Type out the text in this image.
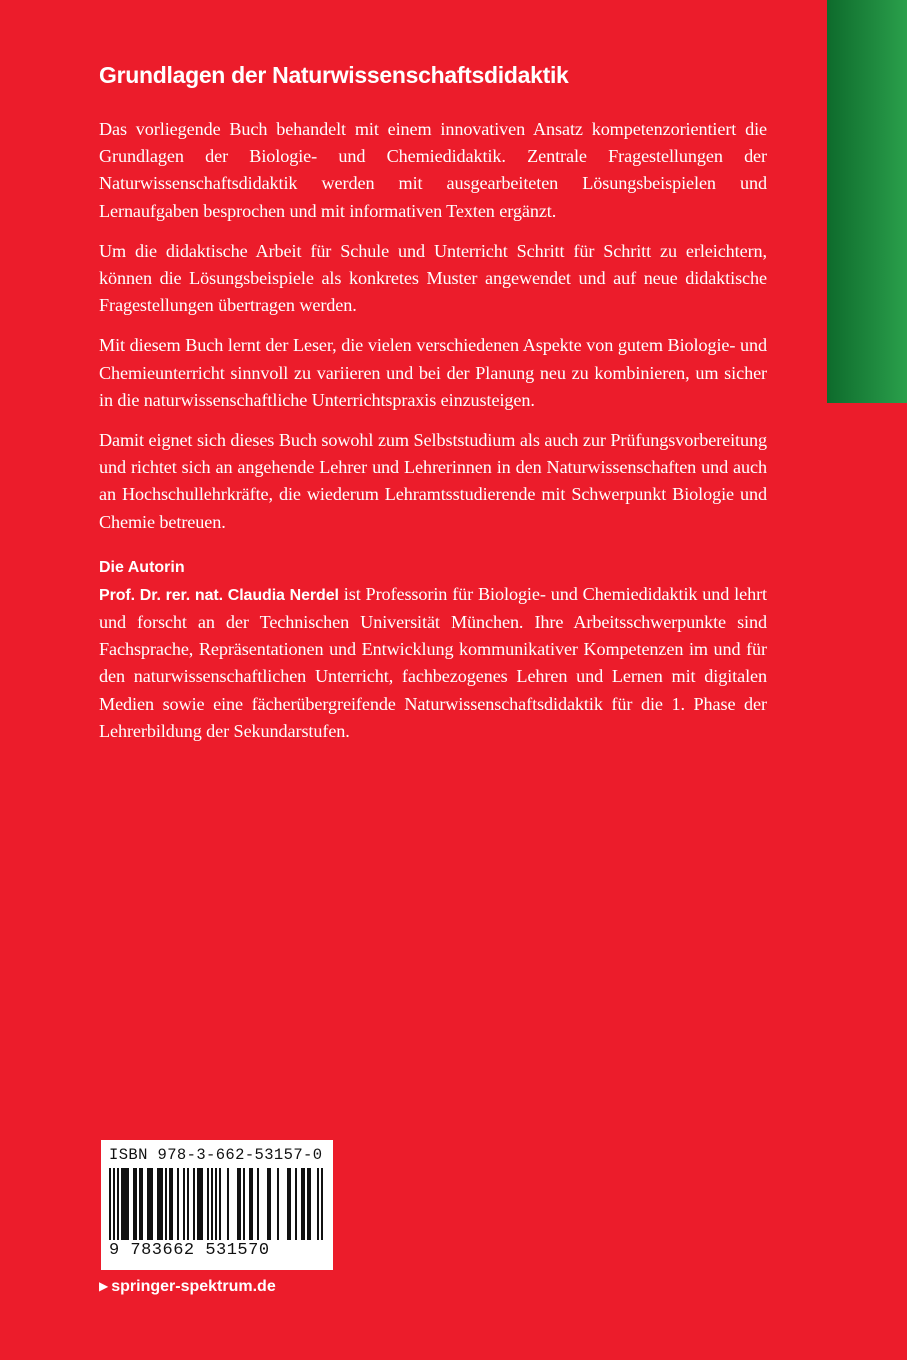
Grundlagen der Naturwissenschaftsdidaktik

Das vorliegende Buch behandelt mit einem innovativen Ansatz kompetenzorientiert die Grundlagen der Biologie- und Chemiedidaktik. Zentrale Fragestellungen der Naturwissenschaftsdidaktik werden mit ausgearbeiteten Lösungsbeispielen und Lernaufgaben besprochen und mit informativen Texten ergänzt.

Um die didaktische Arbeit für Schule und Unterricht Schritt für Schritt zu erleichtern, können die Lösungsbeispiele als konkretes Muster angewendet und auf neue didaktische Fragestellungen übertragen werden.

Mit diesem Buch lernt der Leser, die vielen verschiedenen Aspekte von gutem Biologie- und Chemieunterricht sinnvoll zu variieren und bei der Planung neu zu kombinieren, um sicher in die naturwissenschaftliche Unterrichtspraxis einzusteigen.

Damit eignet sich dieses Buch sowohl zum Selbststudium als auch zur Prüfungsvorbereitung und richtet sich an angehende Lehrer und Lehrerinnen in den Naturwissenschaften und auch an Hochschullehrkräfte, die wiederum Lehramtsstudierende mit Schwerpunkt Biologie und Chemie betreuen.

Die Autorin

Prof. Dr. rer. nat. Claudia Nerdel ist Professorin für Biologie- und Chemiedidaktik und lehrt und forscht an der Technischen Universität München. Ihre Arbeitsschwerpunkte sind Fachsprache, Repräsentationen und Entwicklung kommunikativer Kompetenzen im und für den naturwissenschaftlichen Unterricht, fachbezogenes Lehren und Lernen mit digitalen Medien sowie eine fächerübergreifende Naturwissenschaftsdidaktik für die 1. Phase der Lehrerbildung der Sekundarstufen.

ISBN 978-3-662-53157-0
9 783662 531570
▶ springer-spektrum.de
